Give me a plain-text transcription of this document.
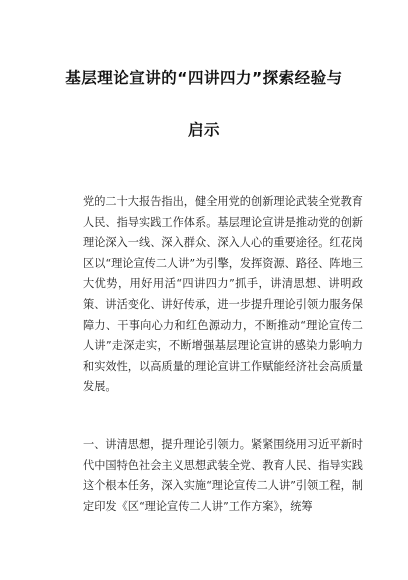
基层理论宣讲的“四讲四力”探索经验与
启示

党的二十大报告指出，健全用党的创新理论武装全党教育人民、指导实践工作体系。基层理论宣讲是推动党的创新理论深入一线、深入群众、深入人心的重要途径。红花岗区以“理论宣传二人讲”为引擎，发挥资源、路径、阵地三大优势，用好用活“四讲四力”抓手，讲清思想、讲明政策、讲活变化、讲好传承，进一步提升理论引领力服务保障力、干事向心力和红色源动力，不断推动“理论宣传二人讲”走深走实，不断增强基层理论宣讲的感染力影响力和实效性，以高质量的理论宣讲工作赋能经济社会高质量发展。

一、讲清思想，提升理论引领力。紧紧围绕用习近平新时代中国特色社会主义思想武装全党、教育人民、指导实践这个根本任务，深入实施“理论宣传二人讲”引领工程，制定印发《区“理论宣传二人讲”工作方案》，统筹
